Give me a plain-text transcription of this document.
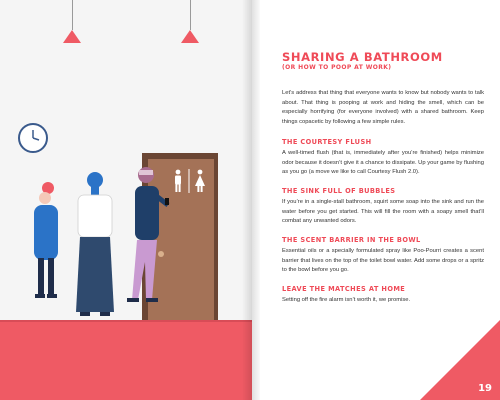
SHARING A BATHROOM
(OR HOW TO POOP AT WORK)

Let’s address that thing that everyone wants to know but nobody wants to talk about. That thing is pooping at work and hiding the smell, which can be especially horrifying (for everyone involved) with a shared bathroom. Keep things copacetic by following a few simple rules.

THE COURTESY FLUSH

A well-timed flush (that is, immediately after you’re finished) helps minimize odor because it doesn’t give it a chance to dissipate. Up your game by flushing as you go (a move we like to call Courtesy Flush 2.0).

THE SINK FULL OF BUBBLES

If you’re in a single-stall bathroom, squirt some soap into the sink and run the water before you get started. This will fill the room with a soapy smell that’ll combat any unwanted odors.

THE SCENT BARRIER IN THE BOWL

Essential oils or a specially formulated spray like Poo-Pourri creates a scent barrier that lives on the top of the toilet bowl water. Add some drops or a spritz to the bowl before you go.

LEAVE THE MATCHES AT HOME

Setting off the fire alarm isn’t worth it, we promise.

19
